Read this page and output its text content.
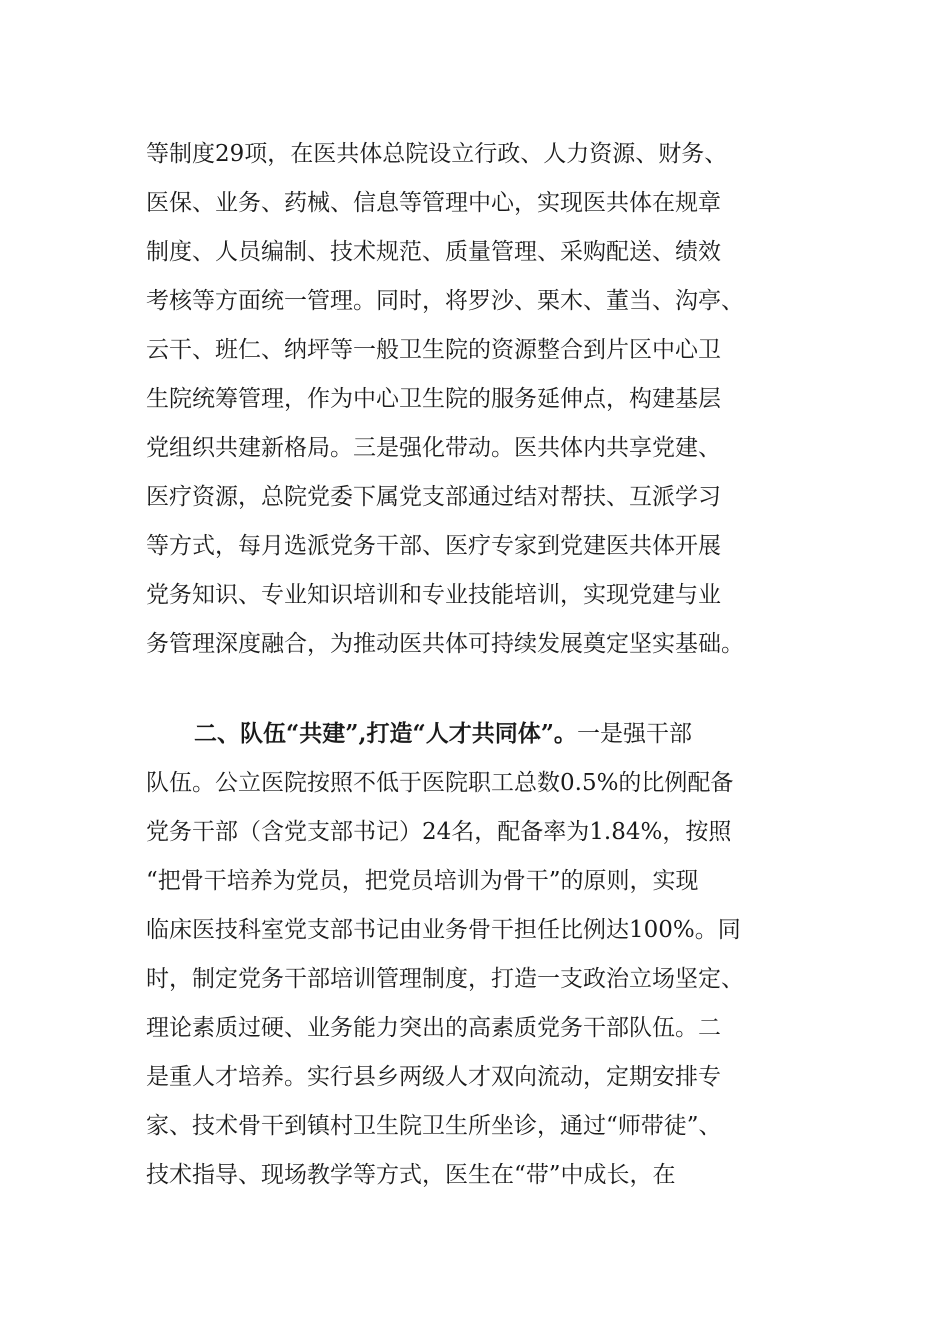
等制度29项，在医共体总院设立行政、人力资源、财务、
医保、业务、药械、信息等管理中心，实现医共体在规章
制度、人员编制、技术规范、质量管理、采购配送、绩效
考核等方面统一管理。同时，将罗沙、栗木、董当、沟亭、
云干、班仁、纳坪等一般卫生院的资源整合到片区中心卫
生院统筹管理，作为中心卫生院的服务延伸点，构建基层
党组织共建新格局。三是强化带动。医共体内共享党建、
医疗资源，总院党委下属党支部通过结对帮扶、互派学习
等方式，每月选派党务干部、医疗专家到党建医共体开展
党务知识、专业知识培训和专业技能培训，实现党建与业
务管理深度融合，为推动医共体可持续发展奠定坚实基础。
二、队伍“共建”,打造“人才共同体”。一是强干部
队伍。公立医院按照不低于医院职工总数0.5%的比例配备
党务干部（含党支部书记）24名，配备率为1.84%，按照
“把骨干培养为党员，把党员培训为骨干”的原则，实现
临床医技科室党支部书记由业务骨干担任比例达100%。同
时，制定党务干部培训管理制度，打造一支政治立场坚定、
理论素质过硬、业务能力突出的高素质党务干部队伍。二
是重人才培养。实行县乡两级人才双向流动，定期安排专
家、技术骨干到镇村卫生院卫生所坐诊，通过“师带徒”、
技术指导、现场教学等方式，医生在“带”中成长，在
